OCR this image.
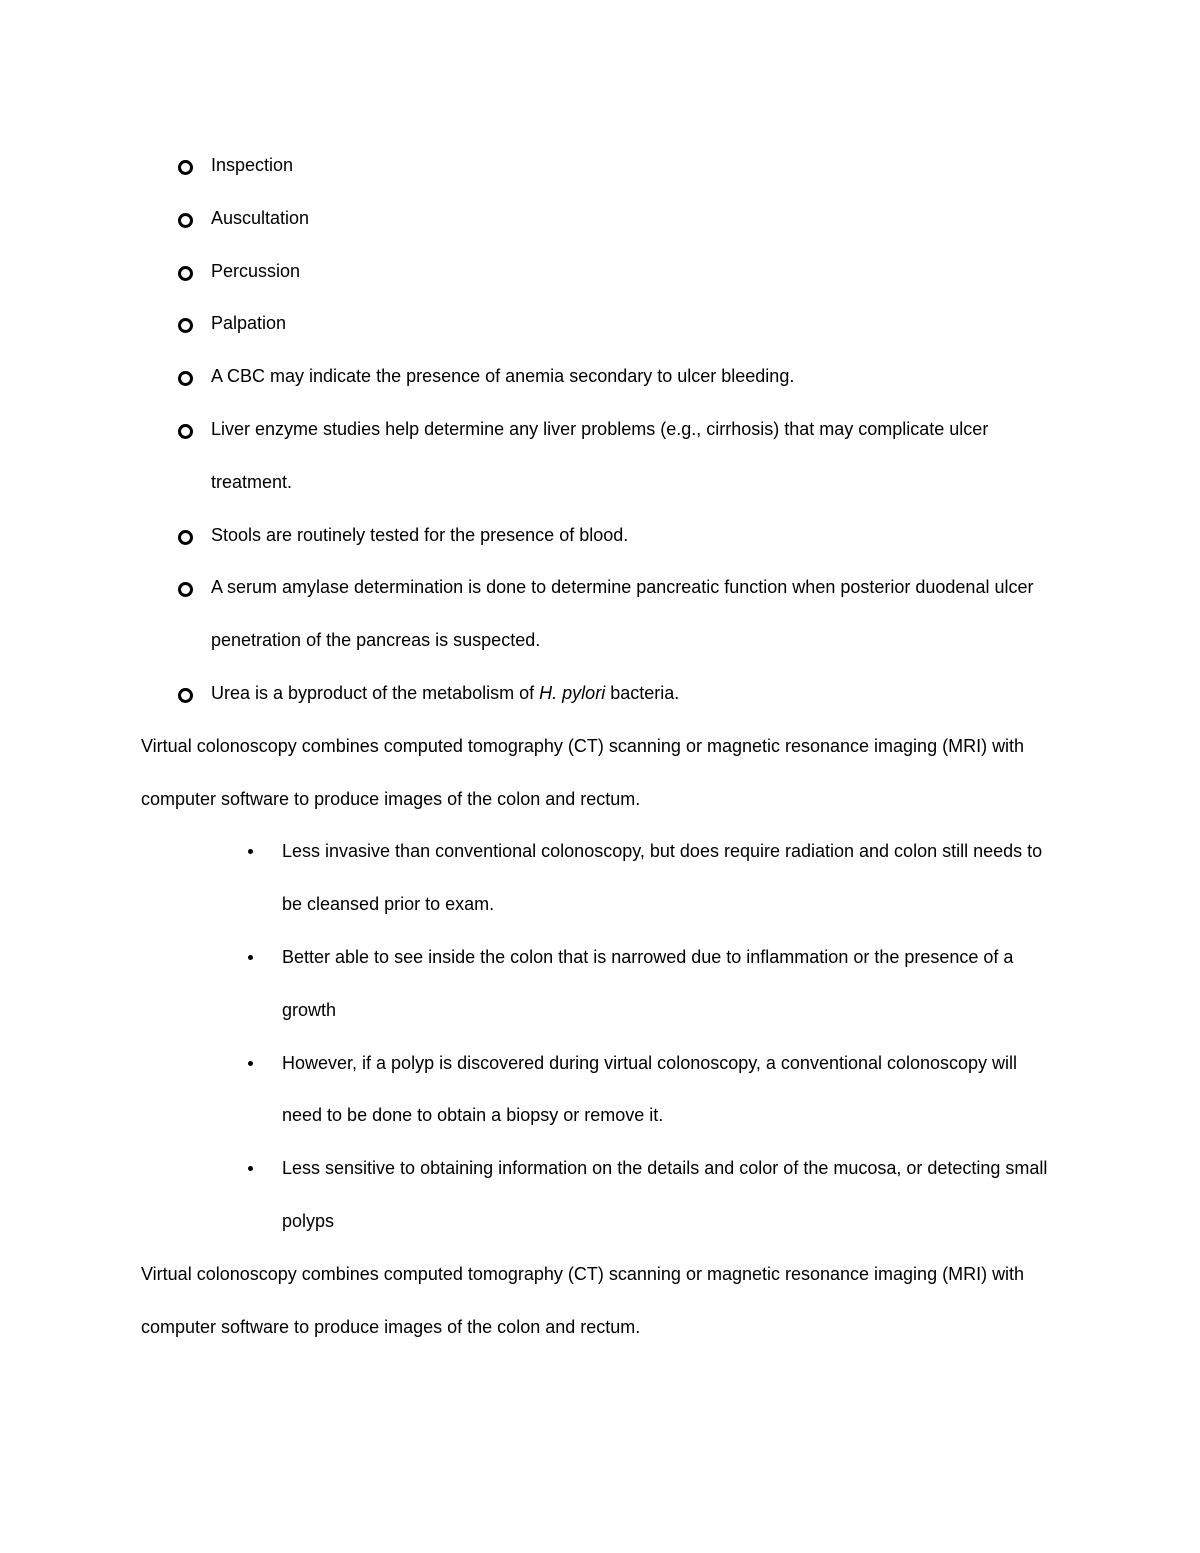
Inspection
Auscultation
Percussion
Palpation
A CBC may indicate the presence of anemia secondary to ulcer bleeding.
Liver enzyme studies help determine any liver problems (e.g., cirrhosis) that may complicate ulcer treatment.
Stools are routinely tested for the presence of blood.
A serum amylase determination is done to determine pancreatic function when posterior duodenal ulcer penetration of the pancreas is suspected.
Urea is a byproduct of the metabolism of H. pylori bacteria.

Virtual colonoscopy combines computed tomography (CT) scanning or magnetic resonance imaging (MRI) with computer software to produce images of the colon and rectum.

Less invasive than conventional colonoscopy, but does require radiation and colon still needs to be cleansed prior to exam.
Better able to see inside the colon that is narrowed due to inflammation or the presence of a growth
However, if a polyp is discovered during virtual colonoscopy, a conventional colonoscopy will need to be done to obtain a biopsy or remove it.
Less sensitive to obtaining information on the details and color of the mucosa, or detecting small polyps

Virtual colonoscopy combines computed tomography (CT) scanning or magnetic resonance imaging (MRI) with computer software to produce images of the colon and rectum.
